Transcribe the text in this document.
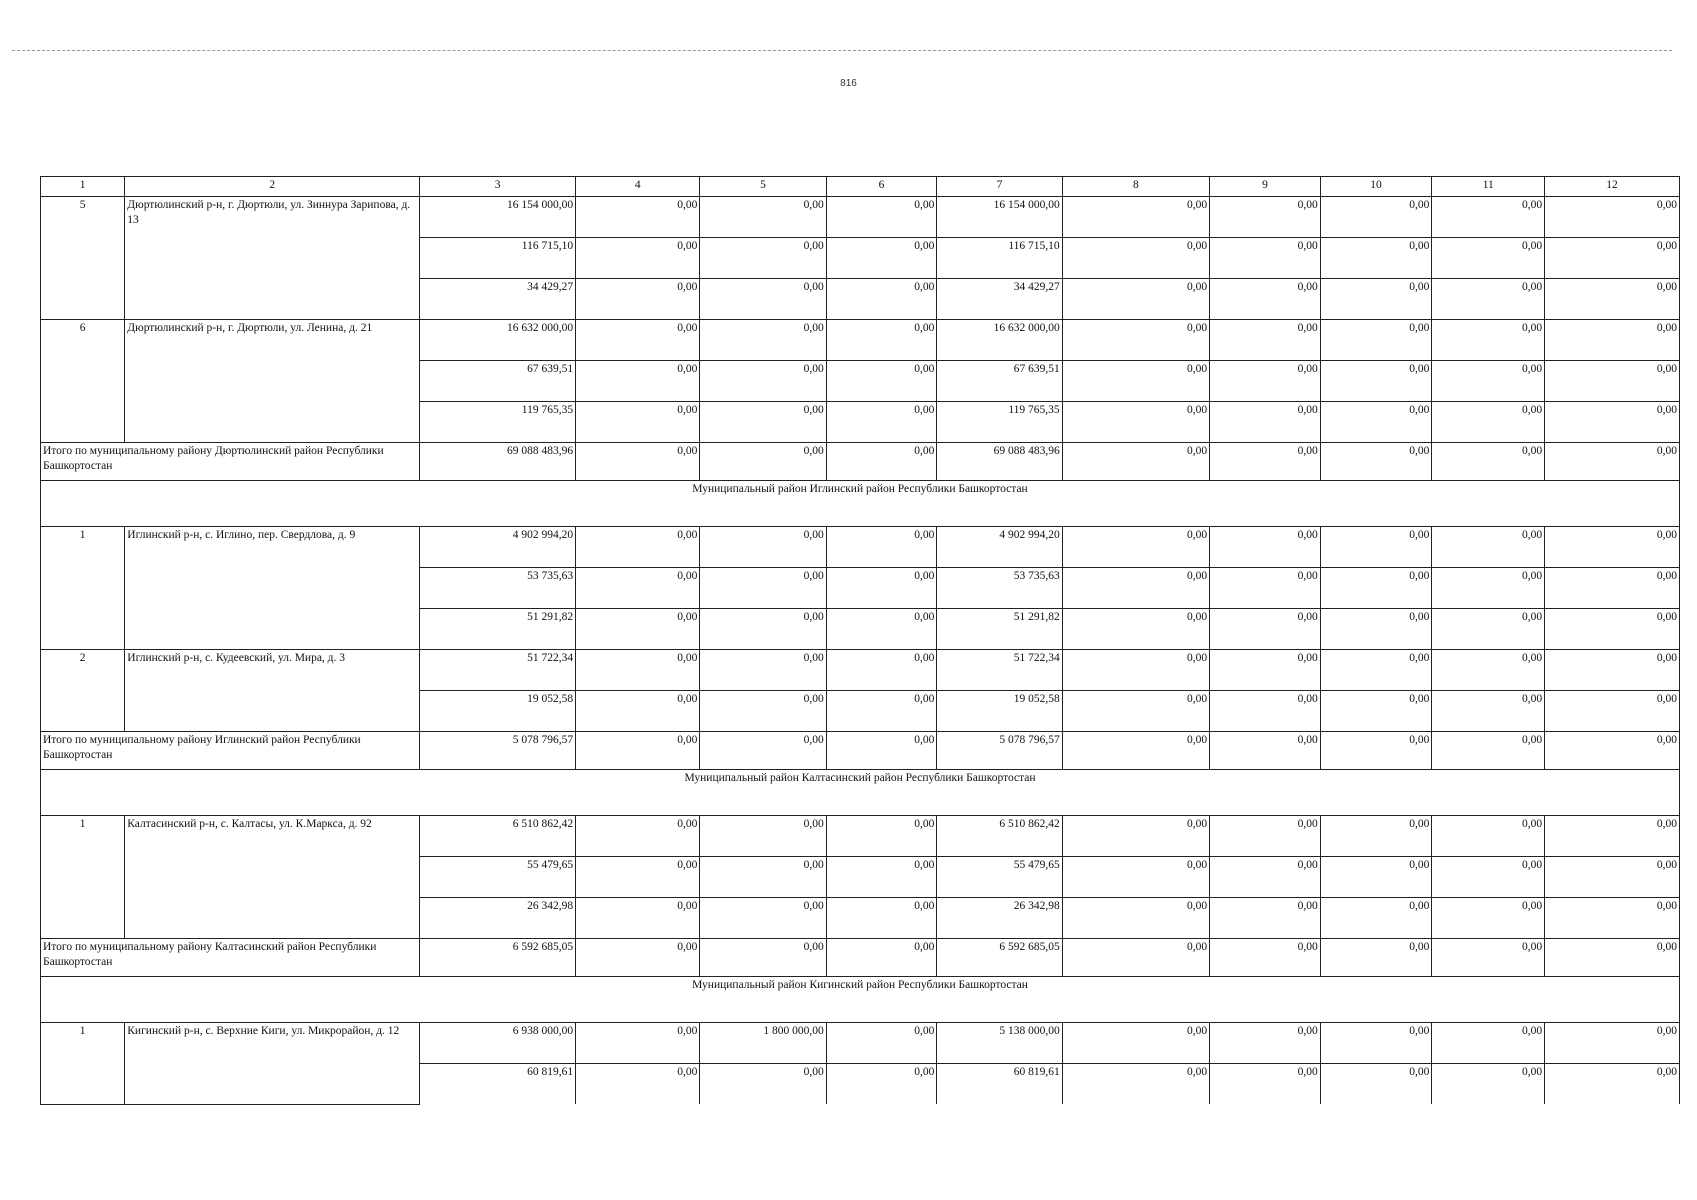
816
1	2	3	4	5	6	7	8	9	10	11	12
5	Дюртюлинский р-н, г. Дюртюли, ул. Зиннура Зарипова, д. 13	16 154 000,00	0,00	0,00	0,00	16 154 000,00	0,00	0,00	0,00	0,00	0,00
		116 715,10	0,00	0,00	0,00	116 715,10	0,00	0,00	0,00	0,00	0,00
		34 429,27	0,00	0,00	0,00	34 429,27	0,00	0,00	0,00	0,00	0,00
6	Дюртюлинский р-н, г. Дюртюли, ул. Ленина, д. 21	16 632 000,00	0,00	0,00	0,00	16 632 000,00	0,00	0,00	0,00	0,00	0,00
		67 639,51	0,00	0,00	0,00	67 639,51	0,00	0,00	0,00	0,00	0,00
		119 765,35	0,00	0,00	0,00	119 765,35	0,00	0,00	0,00	0,00	0,00
Итого по муниципальному району Дюртюлинский район Республики Башкортостан		69 088 483,96	0,00	0,00	0,00	69 088 483,96	0,00	0,00	0,00	0,00	0,00
Муниципальный район Иглинский район Республики Башкортостан											
1	Иглинский р-н, с. Иглино, пер. Свердлова, д. 9	4 902 994,20	0,00	0,00	0,00	4 902 994,20	0,00	0,00	0,00	0,00	0,00
		53 735,63	0,00	0,00	0,00	53 735,63	0,00	0,00	0,00	0,00	0,00
		51 291,82	0,00	0,00	0,00	51 291,82	0,00	0,00	0,00	0,00	0,00
2	Иглинский р-н, с. Кудеевский, ул. Мира, д. 3	51 722,34	0,00	0,00	0,00	51 722,34	0,00	0,00	0,00	0,00	0,00
		19 052,58	0,00	0,00	0,00	19 052,58	0,00	0,00	0,00	0,00	0,00
Итого по муниципальному району Иглинский район Республики Башкортостан		5 078 796,57	0,00	0,00	0,00	5 078 796,57	0,00	0,00	0,00	0,00	0,00
Муниципальный район Калтасинский район Республики Башкортостан											
1	Калтасинский р-н, с. Калтасы, ул. К.Маркса, д. 92	6 510 862,42	0,00	0,00	0,00	6 510 862,42	0,00	0,00	0,00	0,00	0,00
		55 479,65	0,00	0,00	0,00	55 479,65	0,00	0,00	0,00	0,00	0,00
		26 342,98	0,00	0,00	0,00	26 342,98	0,00	0,00	0,00	0,00	0,00
Итого по муниципальному району Калтасинский район Республики Башкортостан		6 592 685,05	0,00	0,00	0,00	6 592 685,05	0,00	0,00	0,00	0,00	0,00
Муниципальный район Кигинский район Республики Башкортостан											
1	Кигинский р-н, с. Верхние Киги, ул. Микрорайон, д. 12	6 938 000,00	0,00	1 800 000,00	0,00	5 138 000,00	0,00	0,00	0,00	0,00	0,00
		60 819,61	0,00	0,00	0,00	60 819,61	0,00	0,00	0,00	0,00	0,00
